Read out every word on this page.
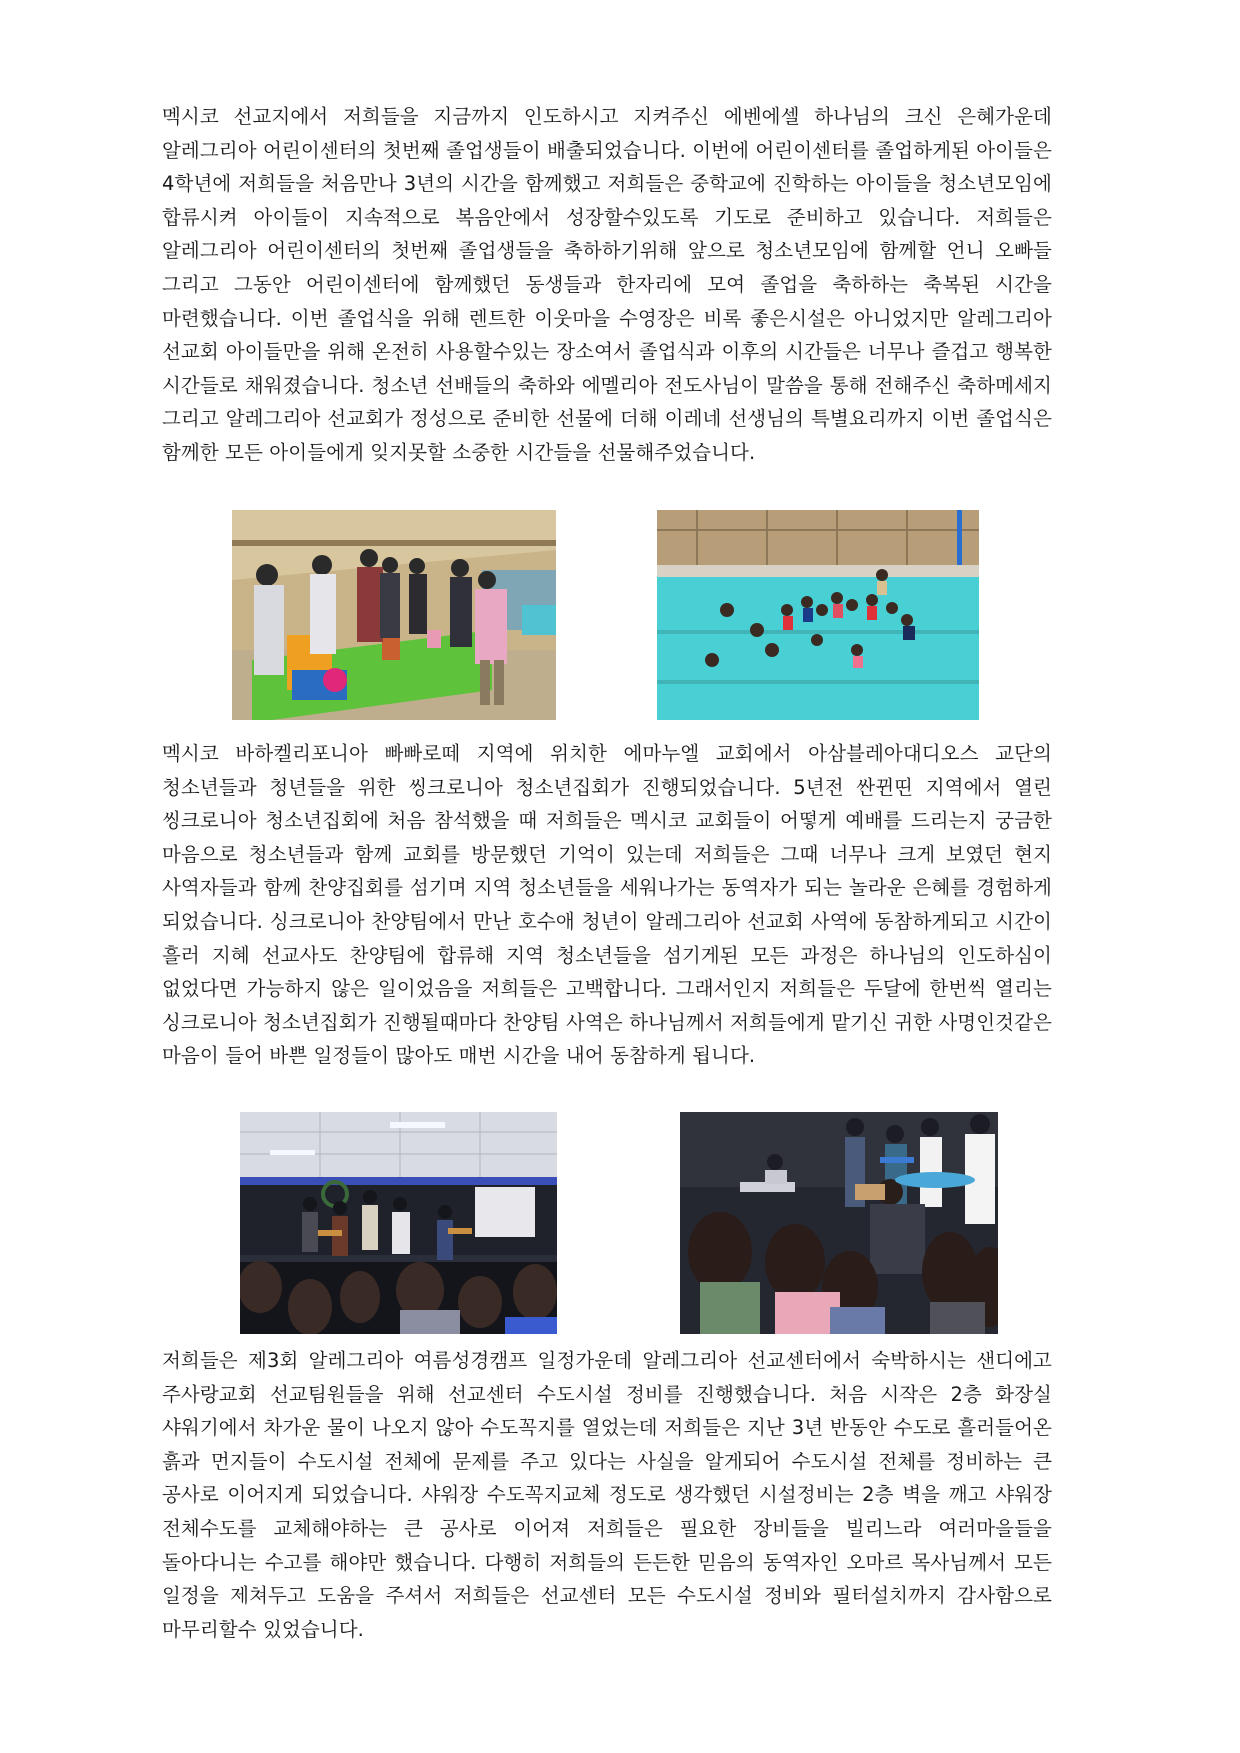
멕시코 선교지에서 저희들을 지금까지 인도하시고 지켜주신 에벤에셀 하나님의 크신 은혜가운데 알레그리아 어린이센터의 첫번째 졸업생들이 배출되었습니다. 이번에 어린이센터를 졸업하게된 아이들은 4학년에 저희들을 처음만나 3년의 시간을 함께했고 저희들은 중학교에 진학하는 아이들을 청소년모임에 합류시켜 아이들이 지속적으로 복음안에서 성장할수있도록 기도로 준비하고 있습니다. 저희들은 알레그리아 어린이센터의 첫번째 졸업생들을 축하하기위해 앞으로 청소년모임에 함께할 언니 오빠들 그리고 그동안 어린이센터에 함께했던 동생들과 한자리에 모여 졸업을 축하하는 축복된 시간을 마련했습니다. 이번 졸업식을 위해 렌트한 이웃마을 수영장은 비록 좋은시설은 아니었지만 알레그리아 선교회 아이들만을 위해 온전히 사용할수있는 장소여서 졸업식과 이후의 시간들은 너무나 즐겁고 행복한 시간들로 채워졌습니다. 청소년 선배들의 축하와 에멜리아 전도사님이 말씀을 통해 전해주신 축하메세지 그리고 알레그리아 선교회가 정성으로 준비한 선물에 더해 이레네 선생님의 특별요리까지 이번 졸업식은 함께한 모든 아이들에게 잊지못할 소중한 시간들을 선물해주었습니다.

멕시코 바하켈리포니아 빠빠로떼 지역에 위치한 에마누엘 교회에서 아삼블레아대디오스 교단의 청소년들과 청년들을 위한 씽크로니아 청소년집회가 진행되었습니다. 5년전 싼뀐띤 지역에서 열린 씽크로니아 청소년집회에 처음 참석했을 때 저희들은 멕시코 교회들이 어떻게 예배를 드리는지 궁금한 마음으로 청소년들과 함께 교회를 방문했던 기억이 있는데 저희들은 그때 너무나 크게 보였던 현지 사역자들과 함께 찬양집회를 섬기며 지역 청소년들을 세워나가는 동역자가 되는 놀라운 은혜를 경험하게 되었습니다. 싱크로니아 찬양팀에서 만난 호수애 청년이 알레그리아 선교회 사역에 동참하게되고 시간이 흘러 지혜 선교사도 찬양팀에 합류해 지역 청소년들을 섬기게된 모든 과정은 하나님의 인도하심이 없었다면 가능하지 않은 일이었음을 저희들은 고백합니다. 그래서인지 저희들은 두달에 한번씩 열리는 싱크로니아 청소년집회가 진행될때마다 찬양팀 사역은 하나님께서 저희들에게 맡기신 귀한 사명인것같은 마음이 들어 바쁜 일정들이 많아도 매번 시간을 내어 동참하게 됩니다.

저희들은 제3회 알레그리아 여름성경캠프 일정가운데 알레그리아 선교센터에서 숙박하시는 샌디에고 주사랑교회 선교팀원들을 위해 선교센터 수도시설 정비를 진행했습니다. 처음 시작은 2층 화장실 샤워기에서 차가운 물이 나오지 않아 수도꼭지를 열었는데 저희들은 지난 3년 반동안 수도로 흘러들어온 흙과 먼지들이 수도시설 전체에 문제를 주고 있다는 사실을 알게되어 수도시설 전체를 정비하는 큰 공사로 이어지게 되었습니다. 샤워장 수도꼭지교체 정도로 생각했던 시설정비는 2층 벽을 깨고 샤워장 전체수도를 교체해야하는 큰 공사로 이어져 저희들은 필요한 장비들을 빌리느라 여러마을들을 돌아다니는 수고를 해야만 했습니다. 다행히 저희들의 든든한 믿음의 동역자인 오마르 목사님께서 모든 일정을 제쳐두고 도움을 주셔서 저희들은 선교센터 모든 수도시설 정비와 필터설치까지 감사함으로 마무리할수 있었습니다.
